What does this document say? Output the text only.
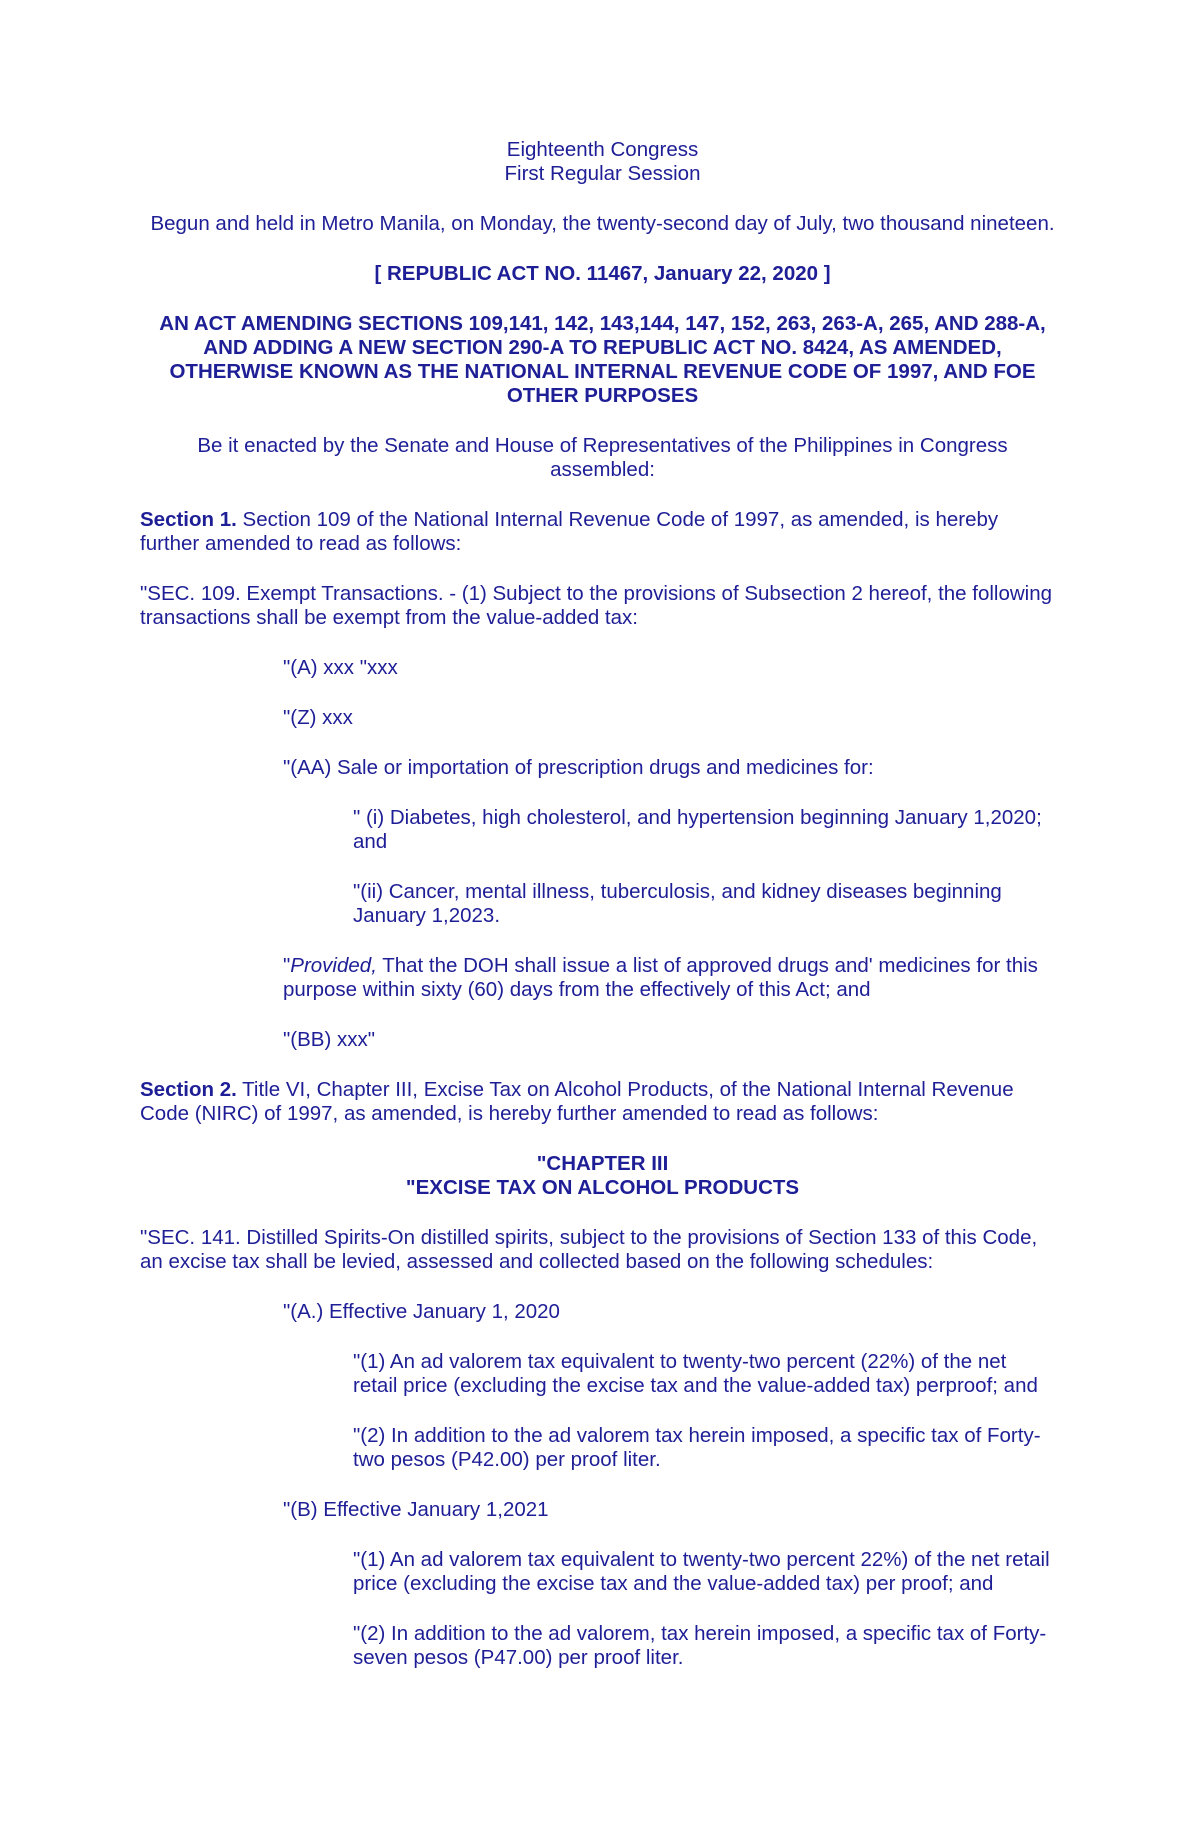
Eighteenth Congress

First Regular Session

Begun and held in Metro Manila, on Monday, the twenty-second day of July, two thousand nineteen.

[ REPUBLIC ACT NO. 11467, January 22, 2020 ]

AN ACT AMENDING SECTIONS 109,141, 142, 143,144, 147, 152, 263, 263-A, 265, AND 288-A,

AND ADDING A NEW SECTION 290-A TO REPUBLIC ACT NO. 8424, AS AMENDED,

OTHERWISE KNOWN AS THE NATIONAL INTERNAL REVENUE CODE OF 1997, AND FOE

OTHER PURPOSES

Be it enacted by the Senate and House of Representatives of the Philippines in Congress

assembled:

Section 1. Section 109 of the National Internal Revenue Code of 1997, as amended, is hereby

further amended to read as follows:

"SEC. 109. Exempt Transactions. - (1) Subject to the provisions of Subsection 2 hereof, the following

transactions shall be exempt from the value-added tax:

"(A) xxx "xxx

"(Z) xxx

"(AA) Sale or importation of prescription drugs and medicines for:

" (i) Diabetes, high cholesterol, and hypertension beginning January 1,2020;

and

"(ii) Cancer, mental illness, tuberculosis, and kidney diseases beginning

January 1,2023.

"Provided, That the DOH shall issue a list of approved drugs and' medicines for this

purpose within sixty (60) days from the effectively of this Act; and

"(BB) xxx"

Section 2. Title VI, Chapter III, Excise Tax on Alcohol Products, of the National Internal Revenue

Code (NIRC) of 1997, as amended, is hereby further amended to read as follows:

"CHAPTER III

"EXCISE TAX ON ALCOHOL PRODUCTS

"SEC. 141. Distilled Spirits-On distilled spirits, subject to the provisions of Section 133 of this Code,

an excise tax shall be levied, assessed and collected based on the following schedules:

"(A.) Effective January 1, 2020

"(1) An ad valorem tax equivalent to twenty-two percent (22%) of the net

retail price (excluding the excise tax and the value-added tax) perproof; and

"(2) In addition to the ad valorem tax herein imposed, a specific tax of Forty-

two pesos (P42.00) per proof liter.

"(B) Effective January 1,2021

"(1) An ad valorem tax equivalent to twenty-two percent 22%) of the net retail

price (excluding the excise tax and the value-added tax) per proof; and

"(2) In addition to the ad valorem, tax herein imposed, a specific tax of Forty-

seven pesos (P47.00) per proof liter.
